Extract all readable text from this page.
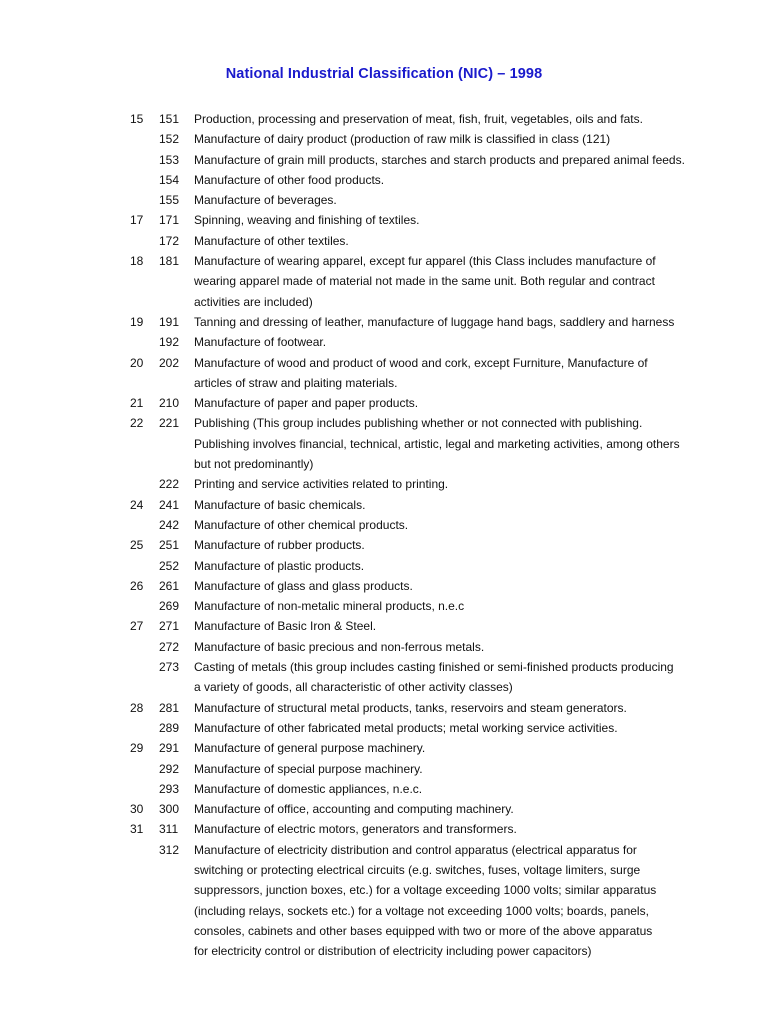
National Industrial Classification (NIC) – 1998
15	151	Production, processing and preservation of meat, fish, fruit, vegetables, oils and fats.
152	Manufacture of dairy product (production of raw milk is classified in class (121)
153	Manufacture of grain mill products, starches and starch products and prepared animal feeds.
154	Manufacture of other food products.
155	Manufacture of beverages.
17	171	Spinning, weaving and finishing of textiles.
172	Manufacture of other textiles.
18	181	Manufacture of wearing apparel, except fur apparel (this Class includes manufacture of
wearing apparel made of material not made in the same unit. Both regular and contract
activities are included)
19	191	Tanning and dressing of leather, manufacture of luggage hand bags, saddlery and harness
192	Manufacture of footwear.
20	202	Manufacture of wood and product of wood and cork, except Furniture, Manufacture of
articles of straw and plaiting materials.
21	210	Manufacture of paper and paper products.
22	221	Publishing (This group includes publishing whether or not connected with publishing.
Publishing involves financial, technical, artistic, legal and marketing activities, among others
but not predominantly)
222	Printing and service activities related to printing.
24	241	Manufacture of basic chemicals.
242	Manufacture of other chemical products.
25	251	Manufacture of rubber products.
252	Manufacture of plastic products.
26	261	Manufacture of glass and glass products.
269	Manufacture of non-metalic mineral products, n.e.c
27	271	Manufacture of Basic Iron & Steel.
272	Manufacture of basic precious and non-ferrous metals.
273	Casting of metals (this group includes casting finished or semi-finished products producing
a variety of goods, all characteristic of other activity classes)
28	281	Manufacture of structural metal products, tanks, reservoirs and steam generators.
289	Manufacture of other fabricated metal products; metal working service activities.
29	291	Manufacture of general purpose machinery.
292	Manufacture of special purpose machinery.
293	Manufacture of domestic appliances, n.e.c.
30	300	Manufacture of office, accounting and computing machinery.
31	311	Manufacture of electric motors, generators and transformers.
312	Manufacture of electricity distribution and control apparatus (electrical apparatus for
switching or protecting electrical circuits (e.g. switches, fuses, voltage limiters, surge
suppressors, junction boxes, etc.) for a voltage exceeding 1000 volts; similar apparatus
(including relays, sockets etc.) for a voltage not exceeding 1000 volts; boards, panels,
consoles, cabinets and other bases equipped with two or more of the above apparatus
for electricity control or distribution of electricity including power capacitors)
